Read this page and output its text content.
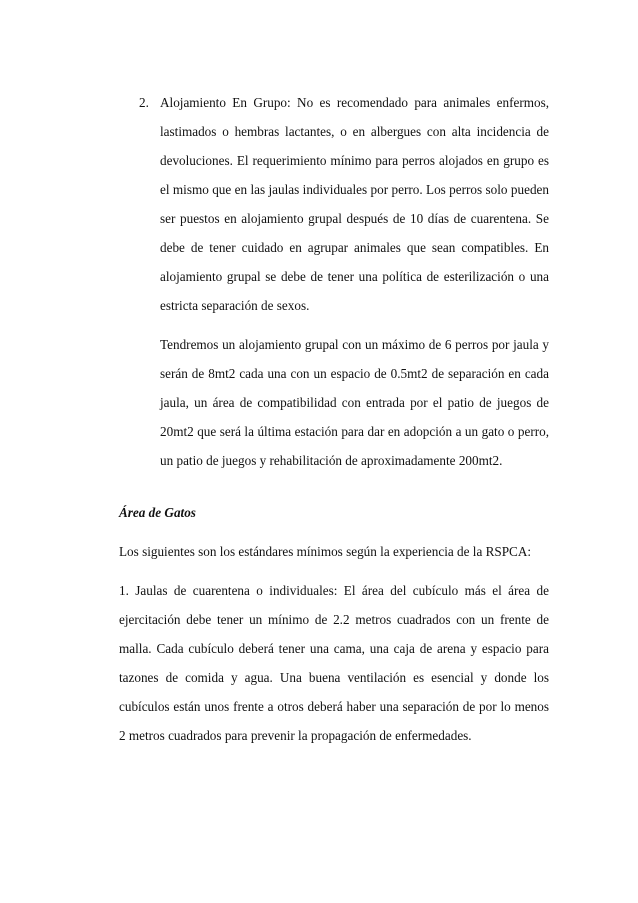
2. Alojamiento En Grupo: No es recomendado para animales enfermos, lastimados o hembras lactantes, o en albergues con alta incidencia de devoluciones. El requerimiento mínimo para perros alojados en grupo es el mismo que en las jaulas individuales por perro. Los perros solo pueden ser puestos en alojamiento grupal después de 10 días de cuarentena. Se debe de tener cuidado en agrupar animales que sean compatibles. En alojamiento grupal se debe de tener una política de esterilización o una estricta separación de sexos.

Tendremos un alojamiento grupal con un máximo de 6 perros por jaula y serán de 8mt2 cada una con un espacio de 0.5mt2 de separación en cada jaula, un área de compatibilidad con entrada por el patio de juegos de 20mt2 que será la última estación para dar en adopción a un gato o perro, un patio de juegos y rehabilitación de aproximadamente 200mt2.

Área de Gatos

Los siguientes son los estándares mínimos según la experiencia de la RSPCA:

1. Jaulas de cuarentena o individuales: El área del cubículo más el área de ejercitación debe tener un mínimo de 2.2 metros cuadrados con un frente de malla. Cada cubículo deberá tener una cama, una caja de arena y espacio para tazones de comida y agua. Una buena ventilación es esencial y donde los cubículos están unos frente a otros deberá haber una separación de por lo menos 2 metros cuadrados para prevenir la propagación de enfermedades.
